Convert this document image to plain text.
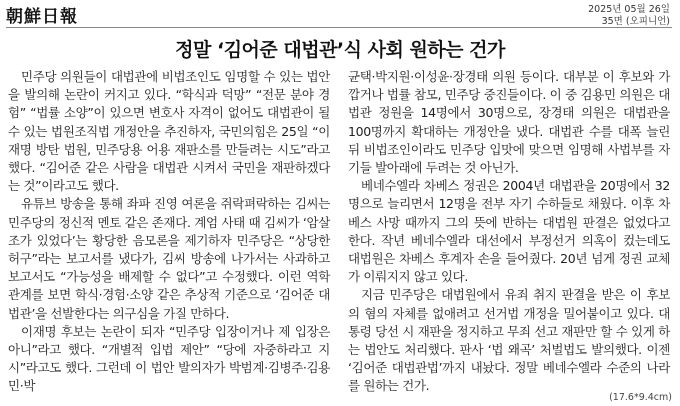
朝鮮日報	2025년 05월 26일
35면 (오피니언)
정말 ‘김어준 대법관’식 사회 원하는 건가

민주당 의원들이 대법관에 비법조인도 임명할 수 있는 법안을 발의해 논란이 커지고 있다. “학식과 덕망” “전문 분야 경험” “법률 소양”이 있으면 변호사 자격이 없어도 대법관이 될 수 있는 법원조직법 개정안을 추진하자, 국민의힘은 25일 “이재명 방탄 법원, 민주당용 어용 재판소를 만들려는 시도”라고 했다. “김어준 같은 사람을 대법관 시켜서 국민을 재판하겠다는 것”이라고도 했다.

유튜브 방송을 통해 좌파 진영 여론을 쥐락펴락하는 김씨는 민주당의 정신적 멘토 같은 존재다. 계엄 사태 때 김씨가 ‘암살조가 있었다’는 황당한 음모론을 제기하자 민주당은 “상당한 허구”라는 보고서를 냈다가, 김씨 방송에 나가서는 사과하고 보고서도 “가능성을 배제할 수 없다”고 수정했다. 이런 역학 관계를 보면 학식·경험·소양 같은 추상적 기준으로 ‘김어준 대법관’을 선발한다는 의구심을 가질 만하다.

이재명 후보는 논란이 되자 “민주당 입장이거나 제 입장은 아니”라고 했다. “개별적 입법 제안” “당에 자중하라고 지시”라고도 했다. 그런데 이 법안 발의자가 박범계·김병주·김용민·박

균택·박지원·이성윤·장경태 의원 등이다. 대부분 이 후보와 가깝거나 법률 참모, 민주당 중진들이다. 이 중 김용민 의원은 대법관 정원을 14명에서 30명으로, 장경태 의원은 대법관을 100명까지 확대하는 개정안을 냈다. 대법관 수를 대폭 늘린 뒤 비법조인이라도 민주당 입맛에 맞으면 임명해 사법부를 자기들 발아래에 두려는 것 아닌가.

베네수엘라 차베스 정권은 2004년 대법관을 20명에서 32명으로 늘리면서 12명을 전부 자기 수하들로 채웠다. 이후 차베스 사망 때까지 그의 뜻에 반하는 대법원 판결은 없었다고 한다. 작년 베네수엘라 대선에서 부정선거 의혹이 컸는데도 대법원은 차베스 후계자 손을 들어줬다. 20년 넘게 정권 교체가 이뤄지지 않고 있다.

지금 민주당은 대법원에서 유죄 취지 판결을 받은 이 후보의 혐의 자체를 없애려고 선거법 개정을 밀어붙이고 있다. 대통령 당선 시 재판을 정지하고 무죄 선고 재판만 할 수 있게 하는 법안도 처리했다. 판사 ‘법 왜곡’ 처벌법도 발의했다. 이젠 ‘김어준 대법관법’까지 내놨다. 정말 베네수엘라 수준의 나라를 원하는 건가.

(17.6*9.4cm)
